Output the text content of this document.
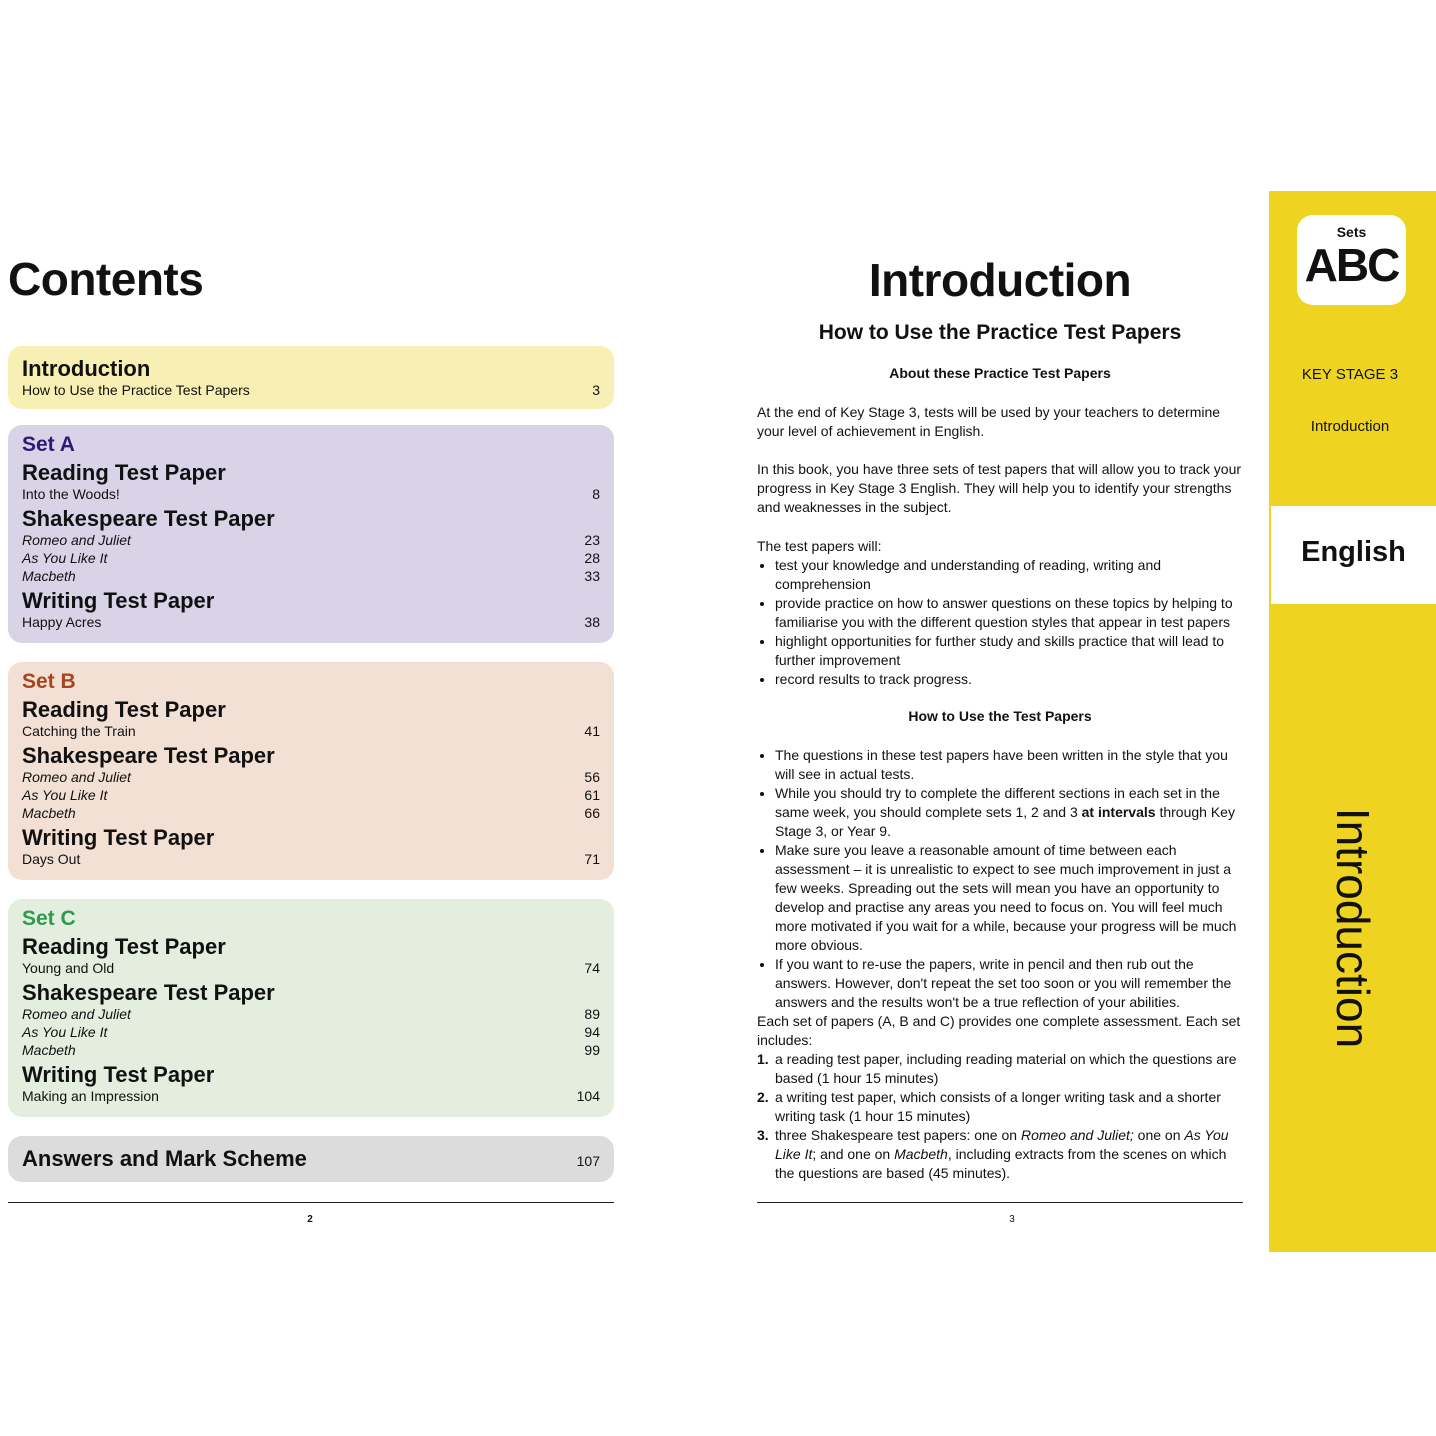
Contents
Introduction
How to Use the Practice Test Papers	3
Set A
Reading Test Paper
Into the Woods!	8
Shakespeare Test Paper
Romeo and Juliet	23
As You Like It	28
Macbeth	33
Writing Test Paper
Happy Acres	38
Set B
Reading Test Paper
Catching the Train	41
Shakespeare Test Paper
Romeo and Juliet	56
As You Like It	61
Macbeth	66
Writing Test Paper
Days Out	71
Set C
Reading Test Paper
Young and Old	74
Shakespeare Test Paper
Romeo and Juliet	89
As You Like It	94
Macbeth	99
Writing Test Paper
Making an Impression	104
Answers and Mark Scheme	107
2
Introduction
How to Use the Practice Test Papers
About these Practice Test Papers
At the end of Key Stage 3, tests will be used by your teachers to determine your level of achievement in English.
In this book, you have three sets of test papers that will allow you to track your progress in Key Stage 3 English. They will help you to identify your strengths and weaknesses in the subject.
The test papers will:
• test your knowledge and understanding of reading, writing and comprehension
• provide practice on how to answer questions on these topics by helping to familiarise you with the different question styles that appear in test papers
• highlight opportunities for further study and skills practice that will lead to further improvement
• record results to track progress.
How to Use the Test Papers
• The questions in these test papers have been written in the style that you will see in actual tests.
• While you should try to complete the different sections in each set in the same week, you should complete sets 1, 2 and 3 at intervals through Key Stage 3, or Year 9.
• Make sure you leave a reasonable amount of time between each assessment – it is unrealistic to expect to see much improvement in just a few weeks. Spreading out the sets will mean you have an opportunity to develop and practise any areas you need to focus on. You will feel much more motivated if you wait for a while, because your progress will be much more obvious.
• If you want to re-use the papers, write in pencil and then rub out the answers. However, don't repeat the set too soon or you will remember the answers and the results won't be a true reflection of your abilities.
Each set of papers (A, B and C) provides one complete assessment. Each set includes:
1. a reading test paper, including reading material on which the questions are based (1 hour 15 minutes)
2. a writing test paper, which consists of a longer writing task and a shorter writing task (1 hour 15 minutes)
3. three Shakespeare test papers: one on Romeo and Juliet; one on As You Like It; and one on Macbeth, including extracts from the scenes on which the questions are based (45 minutes).
3
Sets
ABC
KEY STAGE 3
Introduction
English
Introduction
